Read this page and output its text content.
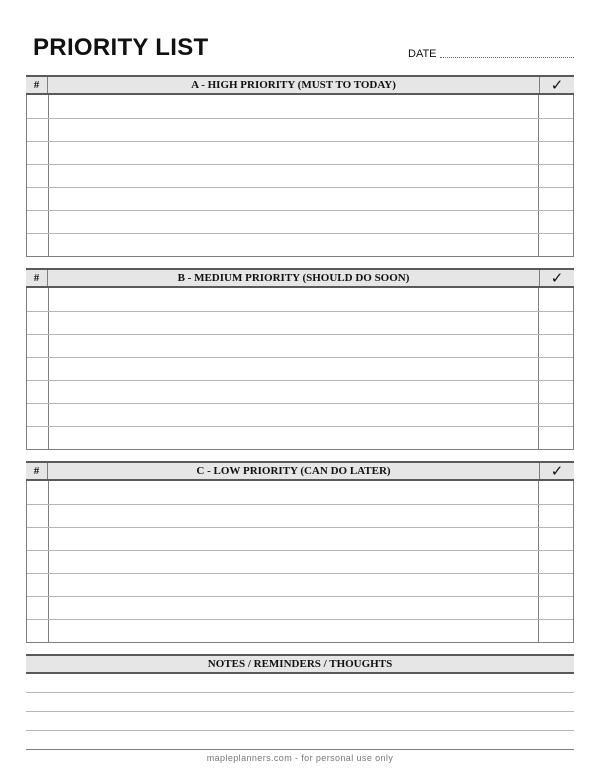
PRIORITY LIST	DATE
#	A - HIGH PRIORITY (MUST TO TODAY)	✓
#	B - MEDIUM PRIORITY (SHOULD DO SOON)	✓
#	C - LOW PRIORITY (CAN DO LATER)	✓
NOTES / REMINDERS / THOUGHTS
mapleplanners.com - for personal use only
